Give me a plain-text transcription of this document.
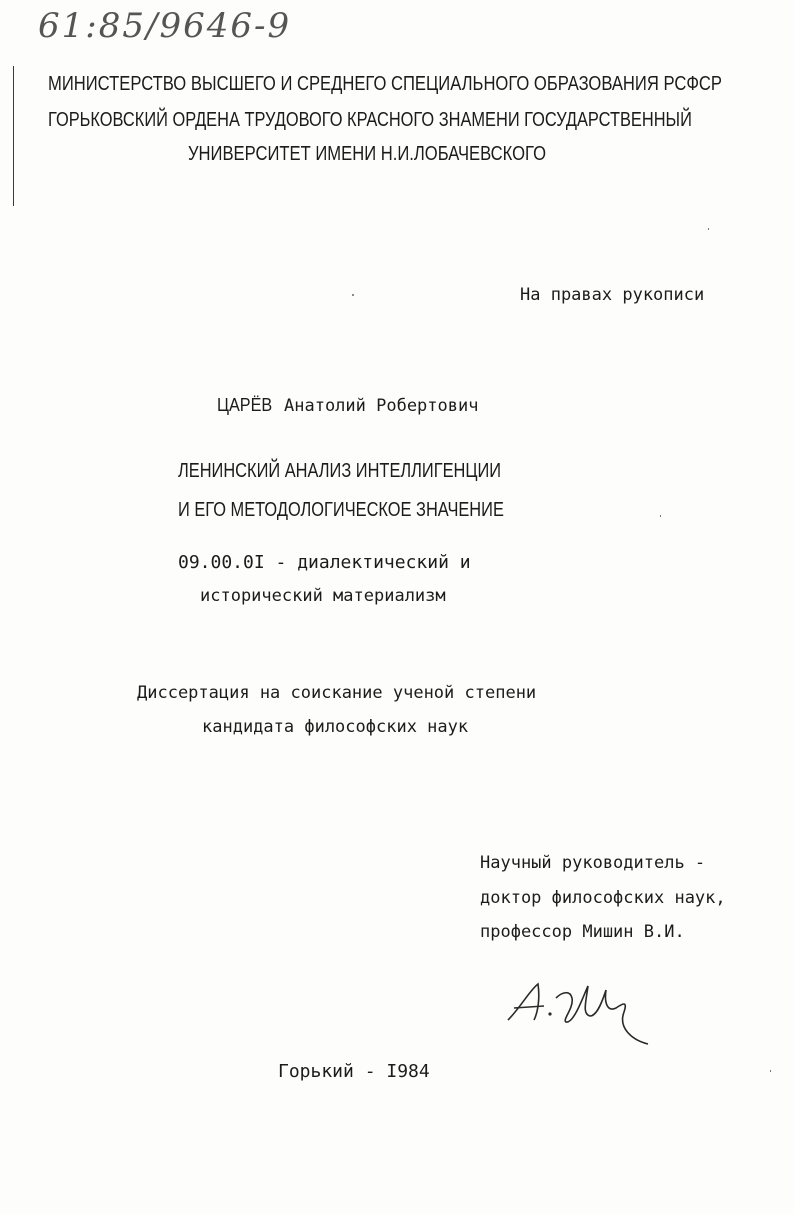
61:85/9646-9
МИНИСТЕРСТВО ВЫСШЕГО И СРЕДНЕГО СПЕЦИАЛЬНОГО ОБРАЗОВАНИЯ РСФСР
ГОРЬКОВСКИЙ ОРДЕНА ТРУДОВОГО КРАСНОГО ЗНАМЕНИ ГОСУДАРСТВЕННЫЙ
УНИВЕРСИТЕТ ИМЕНИ Н.И.ЛОБАЧЕВСКОГО
На правах рукописи
ЦАРЁВ Анатолий Робертович
ЛЕНИНСКИЙ АНАЛИЗ ИНТЕЛЛИГЕНЦИИ
И ЕГО МЕТОДОЛОГИЧЕСКОЕ ЗНАЧЕНИЕ
09.00.0I - диалектический и
исторический материализм
Диссертация на соискание ученой степени
кандидата философских наук
Научный руководитель -
доктор философских наук,
профессор Мишин В.И.
Горький - I984
